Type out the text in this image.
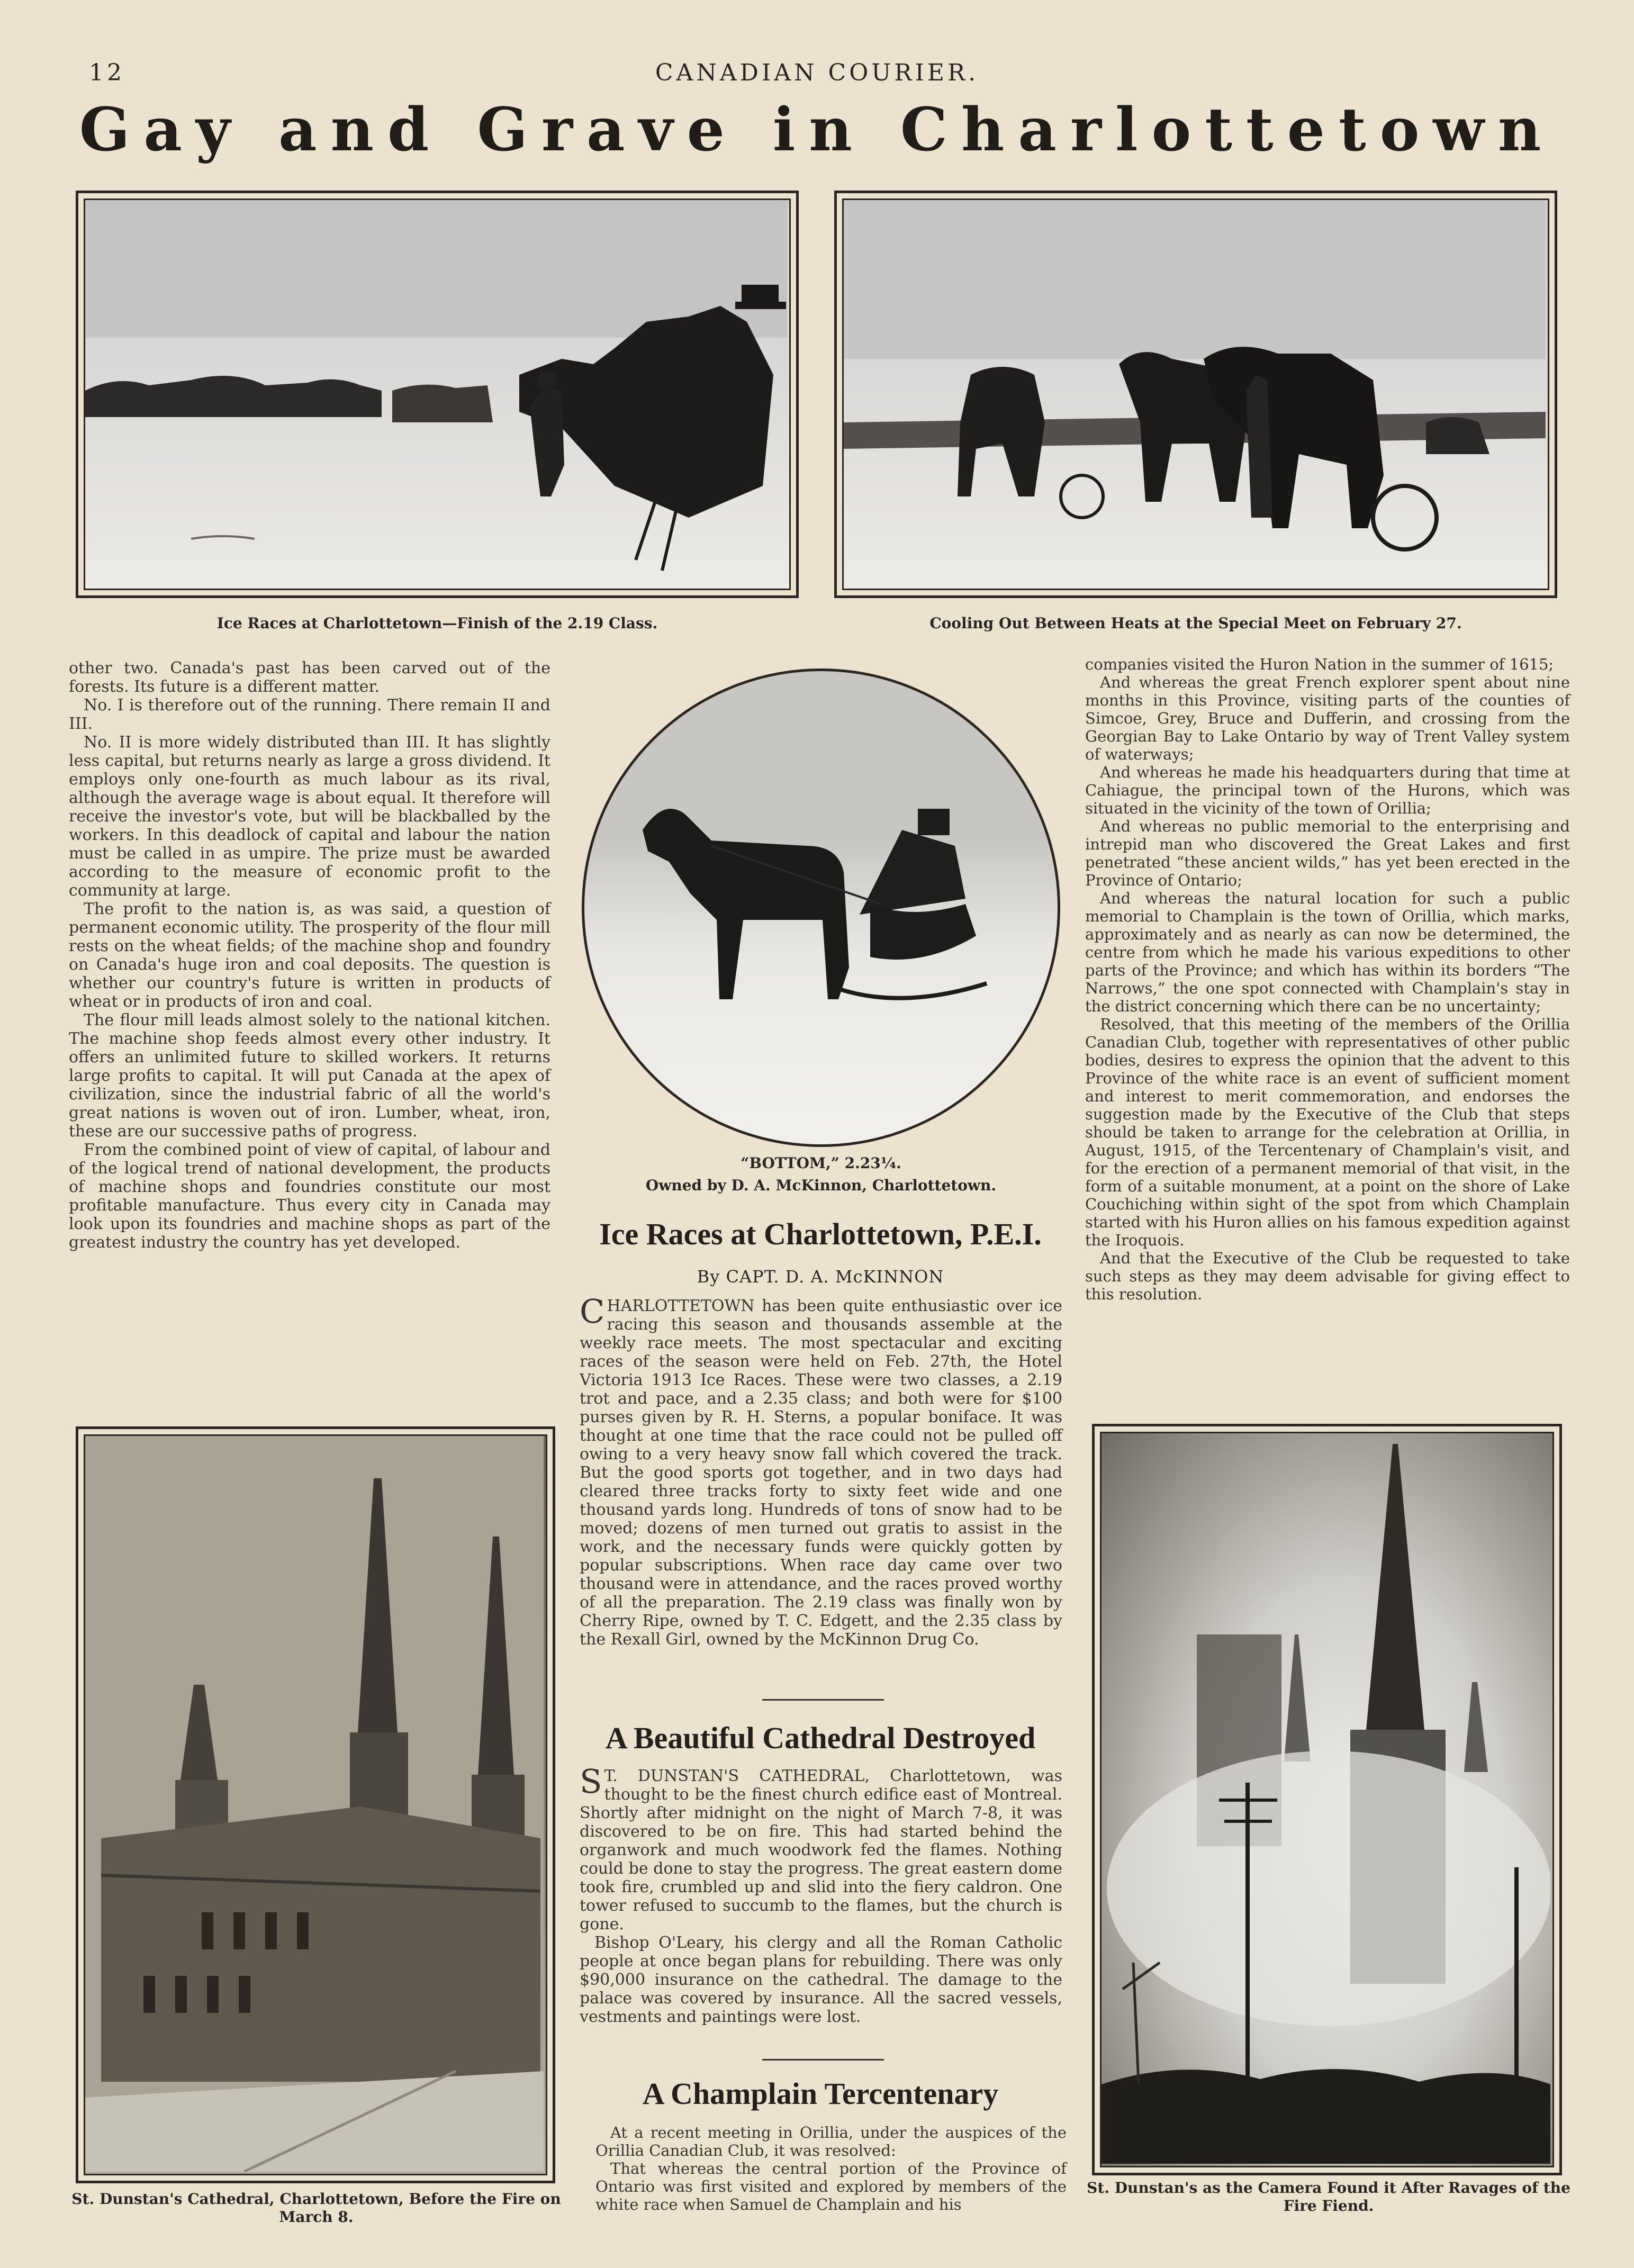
12	CANADIAN COURIER.
Gay and Grave in Charlottetown
Ice Races at Charlottetown—Finish of the 2.19 Class.	Cooling Out Between Heats at the Special Meet on February 27.

other two. Canada's past has been carved out of the forests. Its future is a different matter.

No. I is therefore out of the running. There remain II and III.

No. II is more widely distributed than III. It has slightly less capital, but returns nearly as large a gross dividend. It employs only one-fourth as much labour as its rival, although the average wage is about equal. It therefore will receive the investor's vote, but will be blackballed by the workers. In this deadlock of capital and labour the nation must be called in as umpire. The prize must be awarded according to the measure of economic profit to the community at large.

The profit to the nation is, as was said, a question of permanent economic utility. The prosperity of the flour mill rests on the wheat fields; of the machine shop and foundry on Canada's huge iron and coal deposits. The question is whether our country's future is written in products of wheat or in products of iron and coal.

The flour mill leads almost solely to the national kitchen. The machine shop feeds almost every other industry. It offers an unlimited future to skilled workers. It returns large profits to capital. It will put Canada at the apex of civilization, since the industrial fabric of all the world's great nations is woven out of iron. Lumber, wheat, iron, these are our successive paths of progress.

From the combined point of view of capital, of labour and of the logical trend of national development, the products of machine shops and foundries constitute our most profitable manufacture. Thus every city in Canada may look upon its foundries and machine shops as part of the greatest industry the country has yet developed.

“BOTTOM,” 2.23¼.
Owned by D. A. McKinnon, Charlottetown.
Ice Races at Charlottetown, P.E.I.
By CAPT. D. A. McKINNON

CHARLOTTETOWN has been quite enthusiastic over ice racing this season and thousands assemble at the weekly race meets. The most spectacular and exciting races of the season were held on Feb. 27th, the Hotel Victoria 1913 Ice Races. These were two classes, a 2.19 trot and pace, and a 2.35 class; and both were for $100 purses given by R. H. Sterns, a popular boniface. It was thought at one time that the race could not be pulled off owing to a very heavy snow fall which covered the track. But the good sports got together, and in two days had cleared three tracks forty to sixty feet wide and one thousand yards long. Hundreds of tons of snow had to be moved; dozens of men turned out gratis to assist in the work, and the necessary funds were quickly gotten by popular subscriptions. When race day came over two thousand were in attendance, and the races proved worthy of all the preparation. The 2.19 class was finally won by Cherry Ripe, owned by T. C. Edgett, and the 2.35 class by the Rexall Girl, owned by the McKinnon Drug Co.

A Beautiful Cathedral Destroyed

S T. DUNSTAN'S CATHEDRAL, Charlottetown, was thought to be the finest church edifice east of Montreal. Shortly after midnight on the night of March 7-8, it was discovered to be on fire. This had started behind the organwork and much woodwork fed the flames. Nothing could be done to stay the progress. The great eastern dome took fire, crumbled up and slid into the fiery caldron. One tower refused to succumb to the flames, but the church is gone.

Bishop O'Leary, his clergy and all the Roman Catholic people at once began plans for rebuilding. There was only $90,000 insurance on the cathedral. The damage to the palace was covered by insurance. All the sacred vessels, vestments and paintings were lost.

A Champlain Tercentenary

At a recent meeting in Orillia, under the auspices of the Orillia Canadian Club, it was resolved:

That whereas the central portion of the Province of Ontario was first visited and explored by members of the white race when Samuel de Champlain and his

companies visited the Huron Nation in the summer of 1615;

And whereas the great French explorer spent about nine months in this Province, visiting parts of the counties of Simcoe, Grey, Bruce and Dufferin, and crossing from the Georgian Bay to Lake Ontario by way of Trent Valley system of waterways;

And whereas he made his headquarters during that time at Cahiague, the principal town of the Hurons, which was situated in the vicinity of the town of Orillia;

And whereas no public memorial to the enterprising and intrepid man who discovered the Great Lakes and first penetrated “these ancient wilds,” has yet been erected in the Province of Ontario;

And whereas the natural location for such a public memorial to Champlain is the town of Orillia, which marks, approximately and as nearly as can now be determined, the centre from which he made his various expeditions to other parts of the Province; and which has within its borders “The Narrows,” the one spot connected with Champlain's stay in the district concerning which there can be no uncertainty;

Resolved, that this meeting of the members of the Orillia Canadian Club, together with representatives of other public bodies, desires to express the opinion that the advent to this Province of the white race is an event of sufficient moment and interest to merit commemoration, and endorses the suggestion made by the Executive of the Club that steps should be taken to arrange for the celebration at Orillia, in August, 1915, of the Tercentenary of Champlain's visit, and for the erection of a permanent memorial of that visit, in the form of a suitable monument, at a point on the shore of Lake Couchiching within sight of the spot from which Champlain started with his Huron allies on his famous expedition against the Iroquois.

And that the Executive of the Club be requested to take such steps as they may deem advisable for giving effect to this resolution.

St. Dunstan's Cathedral, Charlottetown, Before the Fire on March 8.
St. Dunstan's as the Camera Found it After Ravages of the Fire Fiend.
